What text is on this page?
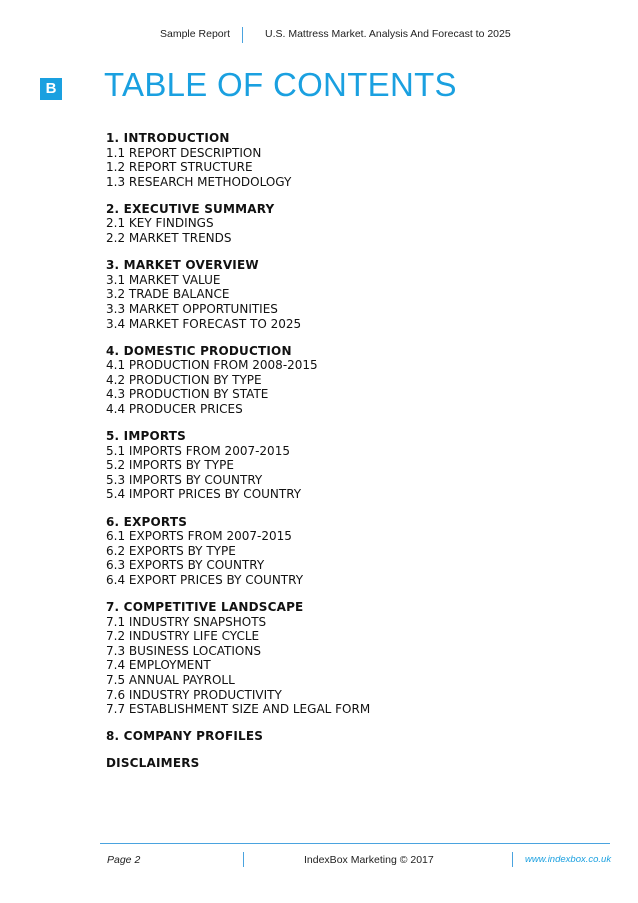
Sample Report	U.S. Mattress Market. Analysis And Forecast to 2025
B TABLE OF CONTENTS
1. INTRODUCTION
1.1 REPORT DESCRIPTION
1.2 REPORT STRUCTURE
1.3 RESEARCH METHODOLOGY
2. EXECUTIVE SUMMARY
2.1 KEY FINDINGS
2.2 MARKET TRENDS
3. MARKET OVERVIEW
3.1 MARKET VALUE
3.2 TRADE BALANCE
3.3 MARKET OPPORTUNITIES
3.4 MARKET FORECAST TO 2025
4. DOMESTIC PRODUCTION
4.1 PRODUCTION FROM 2008-2015
4.2 PRODUCTION BY TYPE
4.3 PRODUCTION BY STATE
4.4 PRODUCER PRICES
5. IMPORTS
5.1 IMPORTS FROM 2007-2015
5.2 IMPORTS BY TYPE
5.3 IMPORTS BY COUNTRY
5.4 IMPORT PRICES BY COUNTRY
6. EXPORTS
6.1 EXPORTS FROM 2007-2015
6.2 EXPORTS BY TYPE
6.3 EXPORTS BY COUNTRY
6.4 EXPORT PRICES BY COUNTRY
7. COMPETITIVE LANDSCAPE
7.1 INDUSTRY SNAPSHOTS
7.2 INDUSTRY LIFE CYCLE
7.3 BUSINESS LOCATIONS
7.4 EMPLOYMENT
7.5 ANNUAL PAYROLL
7.6 INDUSTRY PRODUCTIVITY
7.7 ESTABLISHMENT SIZE AND LEGAL FORM
8. COMPANY PROFILES
DISCLAIMERS
Page 2	IndexBox Marketing © 2017	www.indexbox.co.uk
